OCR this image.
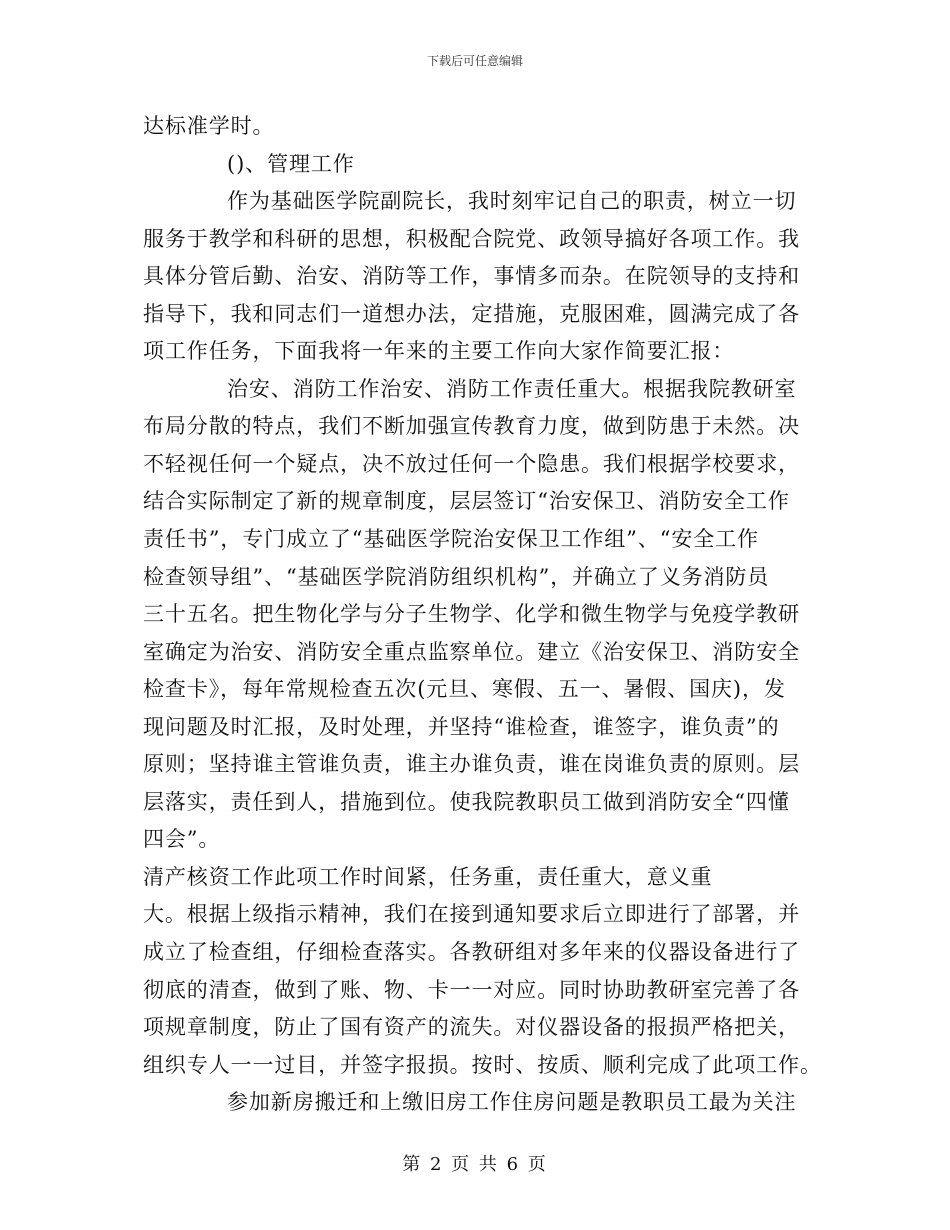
下载后可任意编辑
达标准学时。
()、管理工作
作为基础医学院副院长，我时刻牢记自己的职责，树立一切
服务于教学和科研的思想，积极配合院党、政领导搞好各项工作。我
具体分管后勤、治安、消防等工作，事情多而杂。在院领导的支持和
指导下，我和同志们一道想办法，定措施，克服困难，圆满完成了各
项工作任务，下面我将一年来的主要工作向大家作简要汇报：
治安、消防工作治安、消防工作责任重大。根据我院教研室
布局分散的特点，我们不断加强宣传教育力度，做到防患于未然。决
不轻视任何一个疑点，决不放过任何一个隐患。我们根据学校要求，
结合实际制定了新的规章制度，层层签订“治安保卫、消防安全工作
责任书”，专门成立了“基础医学院治安保卫工作组”、“安全工作
检查领导组”、“基础医学院消防组织机构”，并确立了义务消防员
三十五名。把生物化学与分子生物学、化学和微生物学与免疫学教研
室确定为治安、消防安全重点监察单位。建立《治安保卫、消防安全
检查卡》，每年常规检查五次(元旦、寒假、五一、暑假、国庆)，发
现问题及时汇报，及时处理，并坚持“谁检查，谁签字，谁负责”的
原则；坚持谁主管谁负责，谁主办谁负责，谁在岗谁负责的原则。层
层落实，责任到人，措施到位。使我院教职员工做到消防安全“四懂
四会”。
清产核资工作此项工作时间紧，任务重，责任重大，意义重
大。根据上级指示精神，我们在接到通知要求后立即进行了部署，并
成立了检查组，仔细检查落实。各教研组对多年来的仪器设备进行了
彻底的清查，做到了账、物、卡一一对应。同时协助教研室完善了各
项规章制度，防止了国有资产的流失。对仪器设备的报损严格把关，
组织专人一一过目，并签字报损。按时、按质、顺利完成了此项工作。
参加新房搬迁和上缴旧房工作住房问题是教职员工最为关注
第 2 页 共 6 页
